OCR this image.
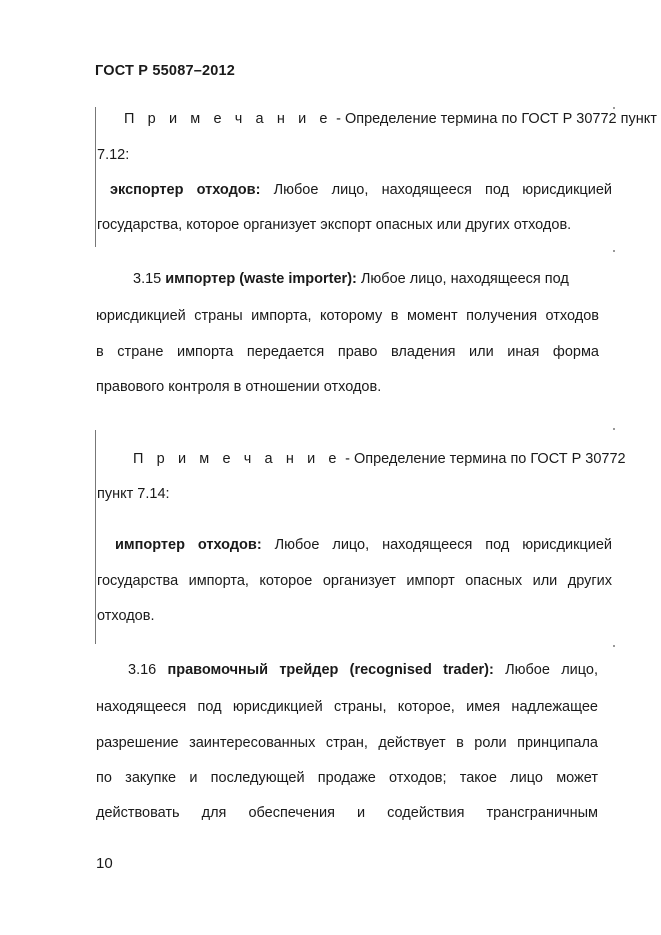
ГОСТ Р 55087–2012
П р и м е ч а н и е - Определение термина по ГОСТ Р 30772 пункт
7.12:
экспортер отходов: Любое лицо, находящееся под юрисдикцией
государства, которое организует экспорт опасных или других отходов.
3.15 импортер (waste importer): Любое лицо, находящееся под
юрисдикцией страны импорта, которому в момент получения отходов
в стране импорта передается право владения или иная форма
правового контроля в отношении отходов.
П р и м е ч а н и е - Определение термина по ГОСТ Р 30772
пункт 7.14:
импортер отходов: Любое лицо, находящееся под юрисдикцией
государства импорта, которое организует импорт опасных или других
отходов.
3.16 правомочный трейдер (recognised trader): Любое лицо,
находящееся под юрисдикцией страны, которое, имея надлежащее
разрешение заинтересованных стран, действует в роли принципала
по закупке и последующей продаже отходов; такое лицо может
действовать для обеспечения и содействия трансграничным
10
